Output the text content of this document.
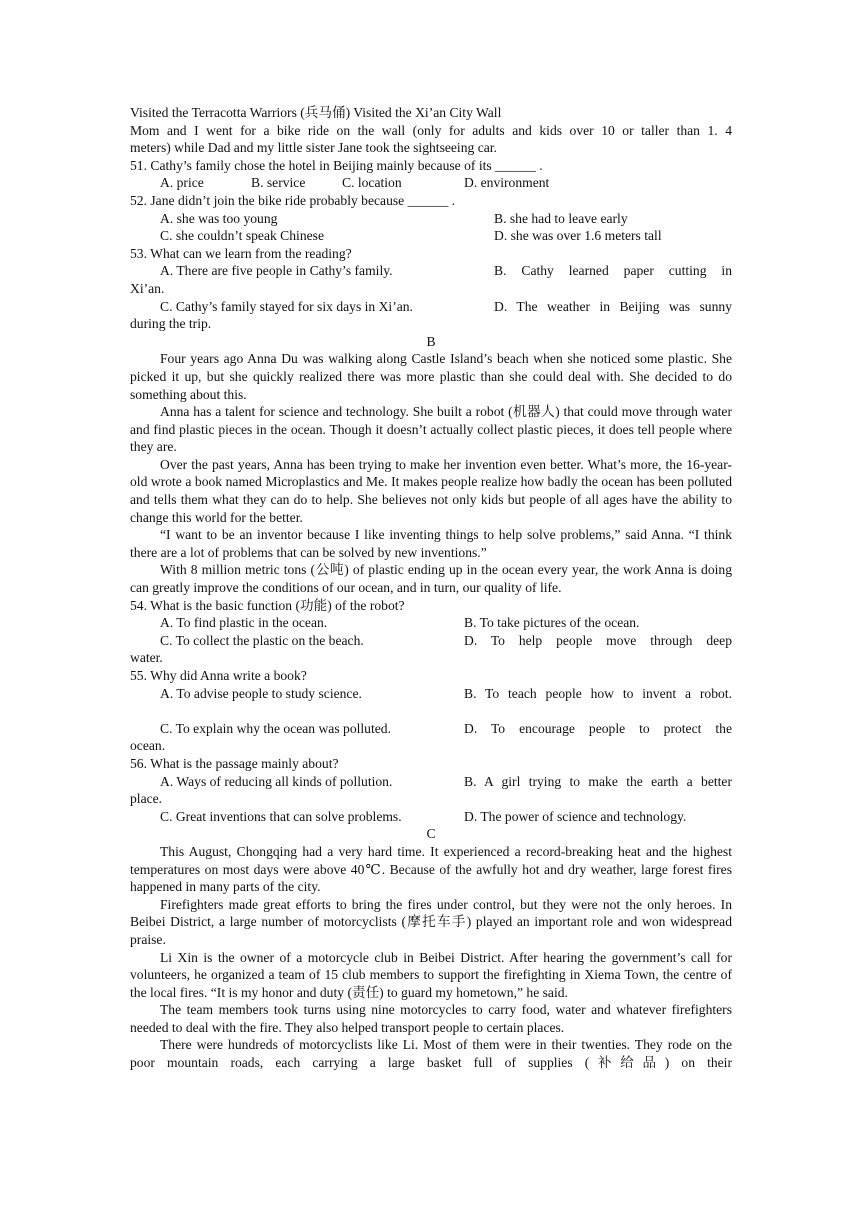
Visited the Terracotta Warriors (兵马俑) Visited the Xi’an City Wall
Mom and I went for a bike ride on the wall (only for adults and kids over 10 or taller than 1. 4
meters) while Dad and my little sister Jane took the sightseeing car.
51. Cathy’s family chose the hotel in Beijing mainly because of its ______ .
A. price	B. service	C. location	D. environment
52. Jane didn’t join the bike ride probably because ______ .
A. she was too young	B. she had to leave early
C. she couldn’t speak Chinese	D. she was over 1.6 meters tall
53. What can we learn from the reading?
A. There are five people in Cathy’s family.	B. Cathy learned paper cutting in
Xi’an.
C. Cathy’s family stayed for six days in Xi’an.	D. The weather in Beijing was sunny
during the trip.
B
Four years ago Anna Du was walking along Castle Island’s beach when she noticed some plastic. She picked it up, but she quickly realized there was more plastic than she could deal with. She decided to do something about this.
Anna has a talent for science and technology. She built a robot (机器人) that could move through water and find plastic pieces in the ocean. Though it doesn’t actually collect plastic pieces, it does tell people where they are.
Over the past years, Anna has been trying to make her invention even better. What’s more, the 16-year-old wrote a book named Microplastics and Me. It makes people realize how badly the ocean has been polluted and tells them what they can do to help. She believes not only kids but people of all ages have the ability to change this world for the better.
“I want to be an inventor because I like inventing things to help solve problems,” said Anna. “I think there are a lot of problems that can be solved by new inventions.”
With 8 million metric tons (公吨) of plastic ending up in the ocean every year, the work Anna is doing can greatly improve the conditions of our ocean, and in turn, our quality of life.
54. What is the basic function (功能) of the robot?
A. To find plastic in the ocean.	B. To take pictures of the ocean.
C. To collect the plastic on the beach.	D. To help people move through deep
water.
55. Why did Anna write a book?
A. To advise people to study science.	B. To teach people how to invent a robot.
C. To explain why the ocean was polluted.	D. To encourage people to protect the
ocean.
56. What is the passage mainly about?
A. Ways of reducing all kinds of pollution.	B. A girl trying to make the earth a better
place.
C. Great inventions that can solve problems.	D. The power of science and technology.
C
This August, Chongqing had a very hard time. It experienced a record-breaking heat and the highest temperatures on most days were above 40℃. Because of the awfully hot and dry weather, large forest fires happened in many parts of the city.
Firefighters made great efforts to bring the fires under control, but they were not the only heroes. In Beibei District, a large number of motorcyclists (摩托车手) played an important role and won widespread praise.
Li Xin is the owner of a motorcycle club in Beibei District. After hearing the government’s call for volunteers, he organized a team of 15 club members to support the firefighting in Xiema Town, the centre of the local fires. “It is my honor and duty (责任) to guard my hometown,” he said.
The team members took turns using nine motorcycles to carry food, water and whatever firefighters needed to deal with the fire. They also helped transport people to certain places.
There were hundreds of motorcyclists like Li. Most of them were in their twenties. They rode on the poor mountain roads, each carrying a large basket full of supplies (补给品) on their
